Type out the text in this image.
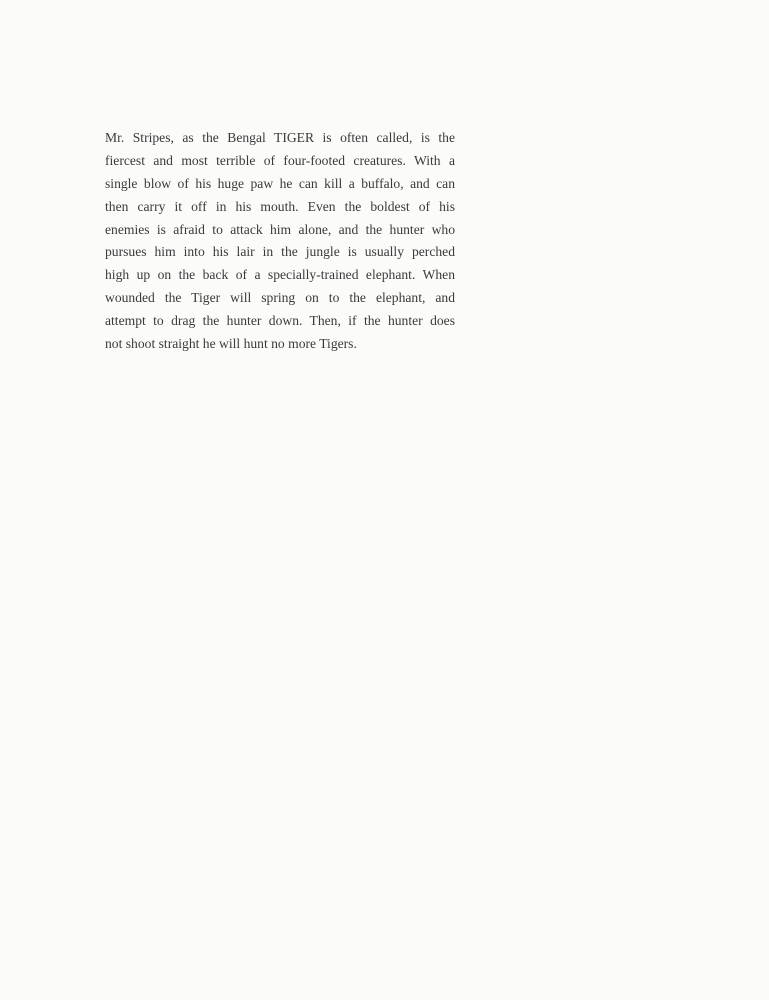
Mr. Stripes, as the Bengal TIGER is often called, is the
fiercest and most terrible of four-footed creatures. With a
single blow of his huge paw he can kill a buffalo, and can
then carry it off in his mouth. Even the boldest of his
enemies is afraid to attack him alone, and the hunter who
pursues him into his lair in the jungle is usually perched
high up on the back of a specially-trained elephant. When
wounded the Tiger will spring on to the elephant, and
attempt to drag the hunter down. Then, if the hunter does
not shoot straight he will hunt no more Tigers.
